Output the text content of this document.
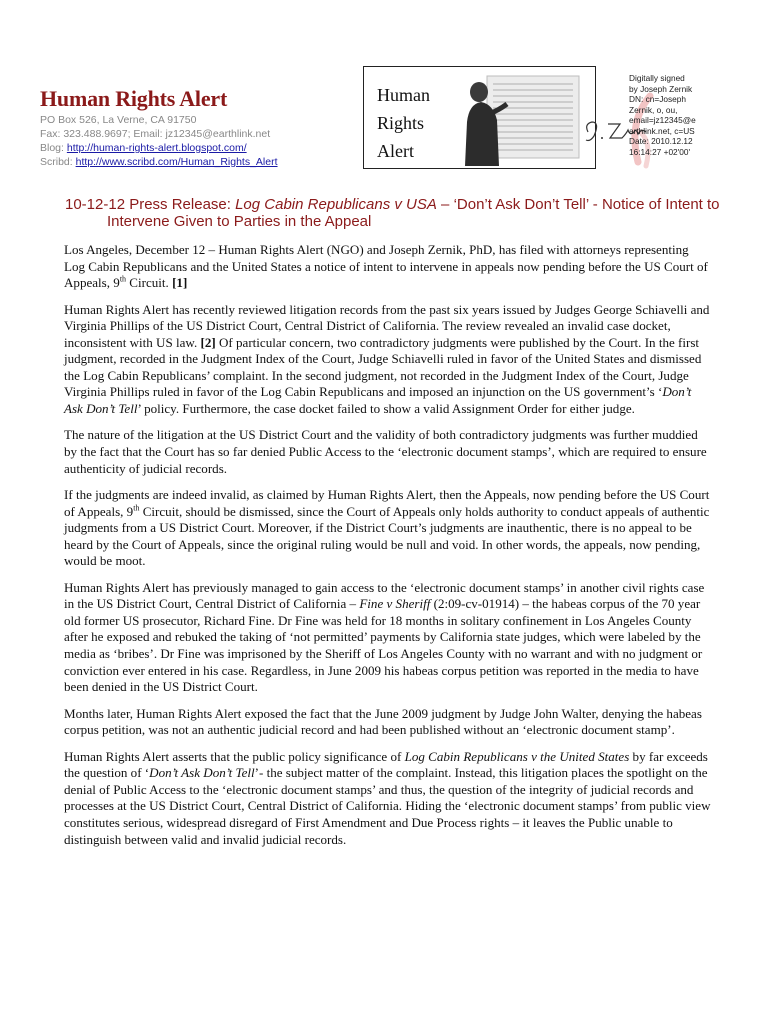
Human Rights Alert
PO Box 526, La Verne, CA 91750
Fax: 323.488.9697; Email: jz12345@earthlink.net
Blog: http://human-rights-alert.blogspot.com/
Scribd: http://www.scribd.com/Human_Rights_Alert
Human
Rights
Alert
Digitally signed
by Joseph Zernik
DN: cn=Joseph
Zernik, o, ou,
email=jz12345@e
arthlink.net, c=US
Date: 2010.12.12
16:14:27 +02'00'
10-12-12 Press Release: Log Cabin Republicans v USA – ‘Don’t Ask Don’t Tell’ - Notice of Intent to Intervene Given to Parties in the Appeal

Los Angeles, December 12 – Human Rights Alert (NGO) and Joseph Zernik, PhD, has filed with attorneys representing Log Cabin Republicans and the United States a notice of intent to intervene in appeals now pending before the US Court of Appeals, 9th Circuit. [1]

Human Rights Alert has recently reviewed litigation records from the past six years issued by Judges George Schiavelli and Virginia Phillips of the US District Court, Central District of California. The review revealed an invalid case docket, inconsistent with US law. [2] Of particular concern, two contradictory judgments were published by the Court. In the first judgment, recorded in the Judgment Index of the Court, Judge Schiavelli ruled in favor of the United States and dismissed the Log Cabin Republicans’ complaint. In the second judgment, not recorded in the Judgment Index of the Court, Judge Virginia Phillips ruled in favor of the Log Cabin Republicans and imposed an injunction on the US government’s ‘Don’t Ask Don’t Tell’ policy. Furthermore, the case docket failed to show a valid Assignment Order for either judge.

The nature of the litigation at the US District Court and the validity of both contradictory judgments was further muddied by the fact that the Court has so far denied Public Access to the ‘electronic document stamps’, which are required to ensure authenticity of judicial records.

If the judgments are indeed invalid, as claimed by Human Rights Alert, then the Appeals, now pending before the US Court of Appeals, 9th Circuit, should be dismissed, since the Court of Appeals only holds authority to conduct appeals of authentic judgments from a US District Court. Moreover, if the District Court’s judgments are inauthentic, there is no appeal to be heard by the Court of Appeals, since the original ruling would be null and void. In other words, the appeals, now pending, would be moot.

Human Rights Alert has previously managed to gain access to the ‘electronic document stamps’ in another civil rights case in the US District Court, Central District of California – Fine v Sheriff (2:09-cv-01914) – the habeas corpus of the 70 year old former US prosecutor, Richard Fine. Dr Fine was held for 18 months in solitary confinement in Los Angeles County after he exposed and rebuked the taking of ‘not permitted’ payments by California state judges, which were labeled by the media as ‘bribes’. Dr Fine was imprisoned by the Sheriff of Los Angeles County with no warrant and with no judgment or conviction ever entered in his case. Regardless, in June 2009 his habeas corpus petition was reported in the media to have been denied in the US District Court.

Months later, Human Rights Alert exposed the fact that the June 2009 judgment by Judge John Walter, denying the habeas corpus petition, was not an authentic judicial record and had been published without an ‘electronic document stamp’.

Human Rights Alert asserts that the public policy significance of Log Cabin Republicans v the United States by far exceeds the question of ‘Don’t Ask Don’t Tell’- the subject matter of the complaint. Instead, this litigation places the spotlight on the denial of Public Access to the ‘electronic document stamps’ and thus, the question of the integrity of judicial records and processes at the US District Court, Central District of California. Hiding the ‘electronic document stamps’ from public view constitutes serious, widespread disregard of First Amendment and Due Process rights – it leaves the Public unable to distinguish between valid and invalid judicial records.
